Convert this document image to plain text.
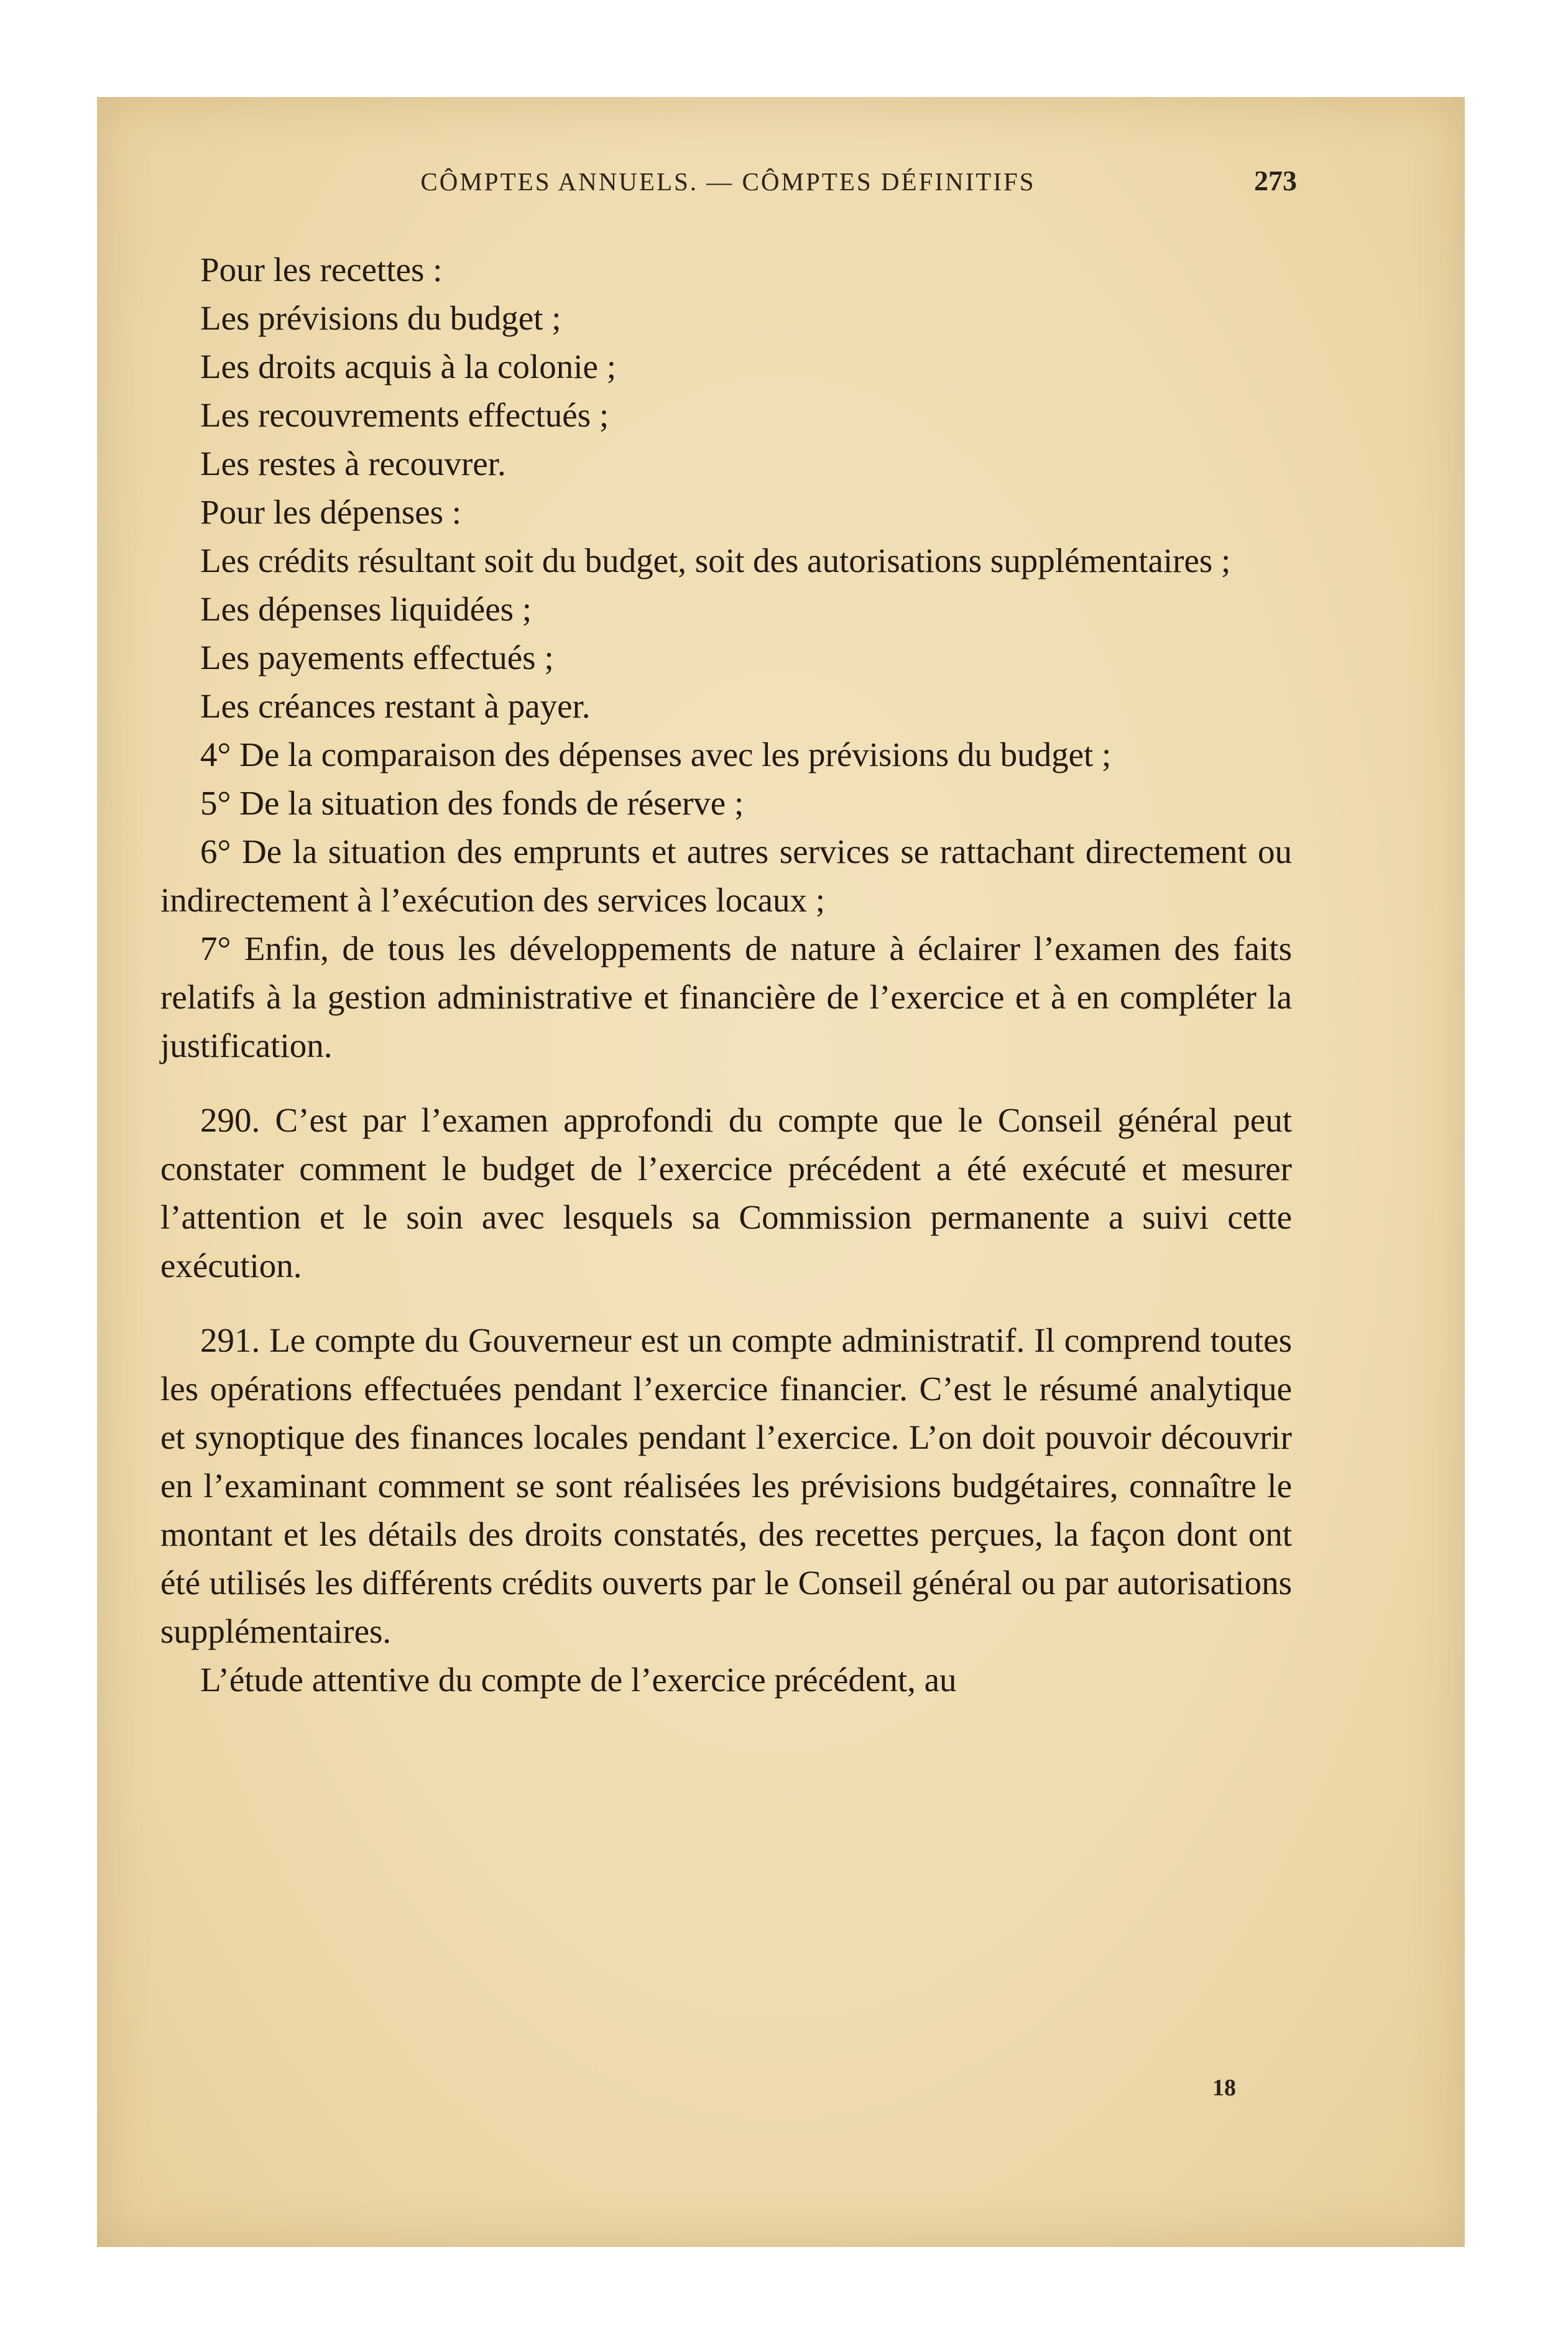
CÔMPTES ANNUELS. — CÔMPTES DÉFINITIFS	273

Pour les recettes :

Les prévisions du budget ;

Les droits acquis à la colonie ;

Les recouvrements effectués ;

Les restes à recouvrer.

Pour les dépenses :

Les crédits résultant soit du budget, soit des autorisations supplémentaires ;

Les dépenses liquidées ;

Les payements effectués ;

Les créances restant à payer.

4° De la comparaison des dépenses avec les prévisions du budget ;

5° De la situation des fonds de réserve ;

6° De la situation des emprunts et autres services se rattachant directement ou indirectement à l’exécution des services locaux ;

7° Enfin, de tous les développements de nature à éclairer l’examen des faits relatifs à la gestion administrative et financière de l’exercice et à en compléter la justification.

290. C’est par l’examen approfondi du compte que le Conseil général peut constater comment le budget de l’exercice précédent a été exécuté et mesurer l’attention et le soin avec lesquels sa Commission permanente a suivi cette exécution.

291. Le compte du Gouverneur est un compte administratif. Il comprend toutes les opérations effectuées pendant l’exercice financier. C’est le résumé analytique et synoptique des finances locales pendant l’exercice. L’on doit pouvoir découvrir en l’examinant comment se sont réalisées les prévisions budgétaires, connaître le montant et les détails des droits constatés, des recettes perçues, la façon dont ont été utilisés les différents crédits ouverts par le Conseil général ou par autorisations supplémentaires.

L’étude attentive du compte de l’exercice précédent, au

18
